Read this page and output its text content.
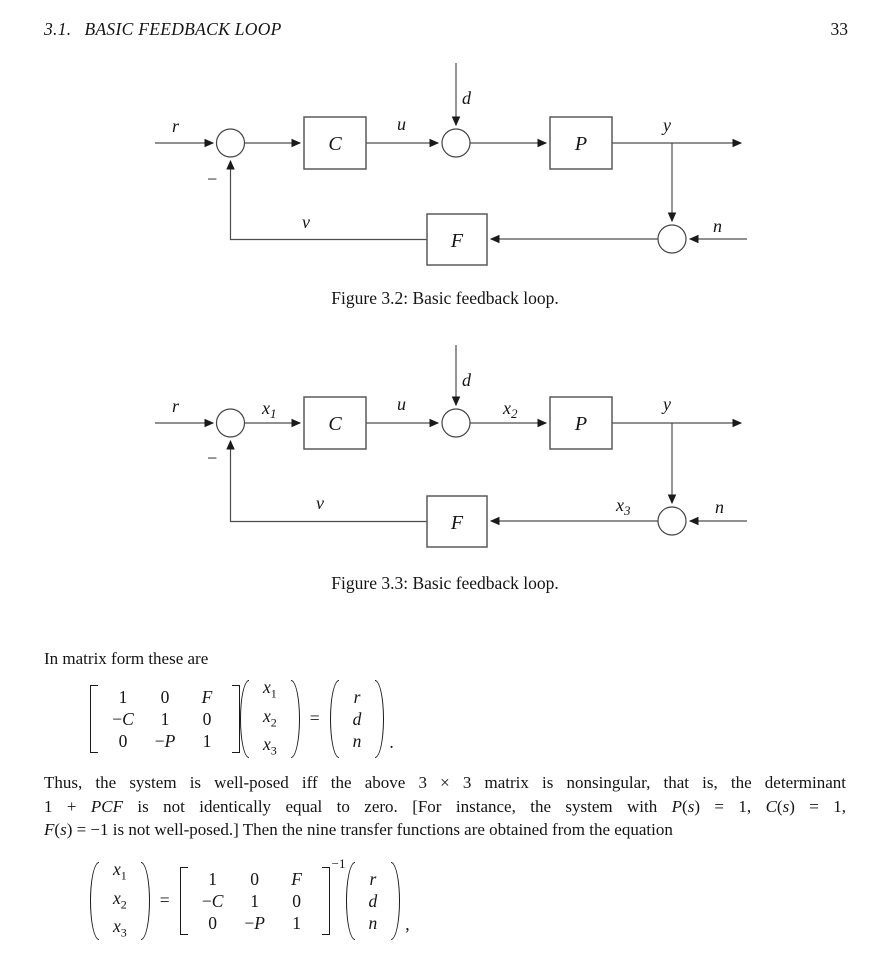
3.1. BASIC FEEDBACK LOOP	33
C	P
F
r	u
d
y
v	n
−
Figure 3.2: Basic feedback loop.
C	P
F
r	$x_1$	u
d
$x_2$	y
v	$x_3$	n
−
Figure 3.3: Basic feedback loop.
In matrix form these are
1	0	F
−C	1	0
0	−P	1
$x_1$
$x_2$
$x_3$
=
r
d
n .
Thus, the system is well-posed iff the above 3 × 3 matrix is nonsingular, that is, the determinant
1 + PCF is not identically equal to zero. [For instance, the system with P(s) = 1, C(s) = 1,
F(s) = −1 is not well-posed.] Then the nine transfer functions are obtained from the equation
$x_1$
$x_2$
$x_3$
=
1	0	F
−C	1	0
0	−P	1
−1
r
d
n ,
